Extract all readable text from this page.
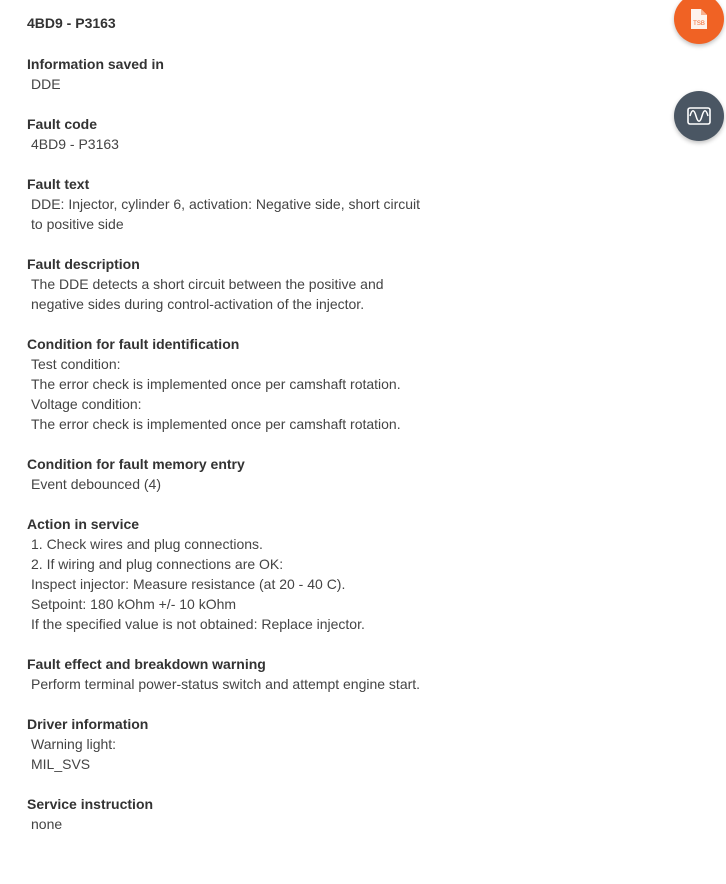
4BD9 - P3163
Information saved in
DDE
Fault code
4BD9 - P3163
Fault text
DDE: Injector, cylinder 6, activation: Negative side, short circuit to positive side
Fault description
The DDE detects a short circuit between the positive and negative sides during control-activation of the injector.
Condition for fault identification
Test condition:
The error check is implemented once per camshaft rotation.
Voltage condition:
The error check is implemented once per camshaft rotation.
Condition for fault memory entry
Event debounced (4)
Action in service
1. Check wires and plug connections.
2. If wiring and plug connections are OK:
Inspect injector: Measure resistance (at 20 - 40 C).
Setpoint: 180 kOhm +/- 10 kOhm
If the specified value is not obtained: Replace injector.
Fault effect and breakdown warning
Perform terminal power-status switch and attempt engine start.
Driver information
Warning light:
MIL_SVS
Service instruction
none
TSB
